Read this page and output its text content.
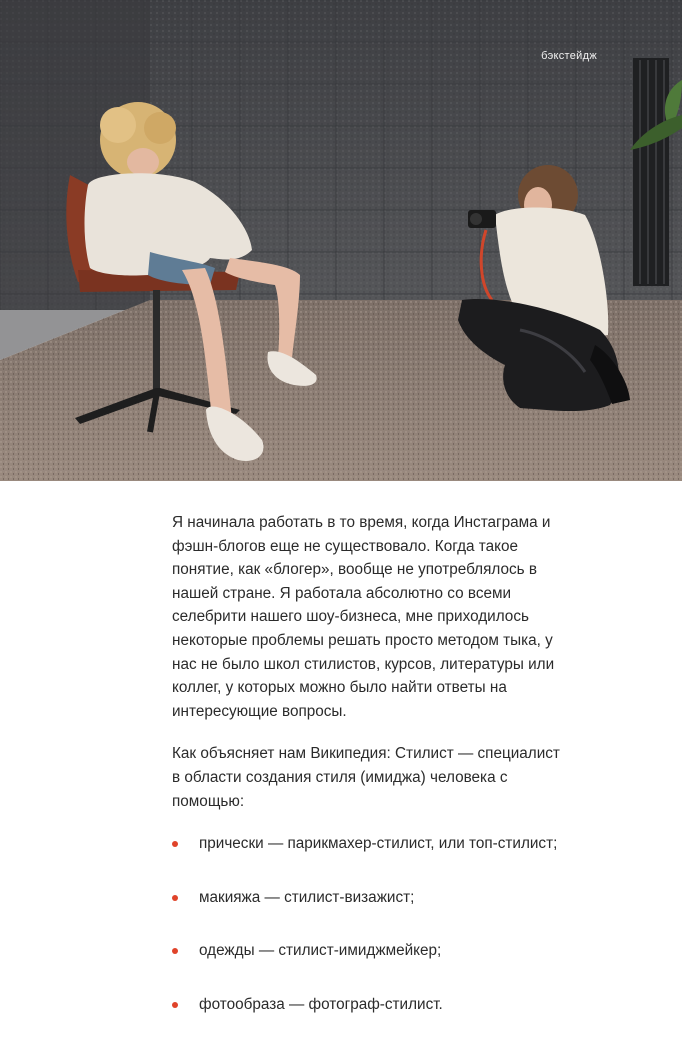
бэкстейдж

Я начинала работать в то время, когда Инстаграма и фэшн-блогов еще не существовало. Когда такое понятие, как «блогер», вообще не употреблялось в нашей стране. Я работала абсолютно со всеми селебрити нашего шоу-бизнеса, мне приходилось некоторые проблемы решать просто методом тыка, у нас не было школ стилистов, курсов, литературы или коллег, у которых можно было найти ответы на интересующие вопросы.

Как объясняет нам Википедия: Стилист — специалист в области создания стиля (имиджа) человека с помощью:

прически — парикмахер-стилист, или топ-стилист;
макияжа — стилист-визажист;
одежды — стилист-имиджмейкер;
фотообраза — фотограф-стилист.
